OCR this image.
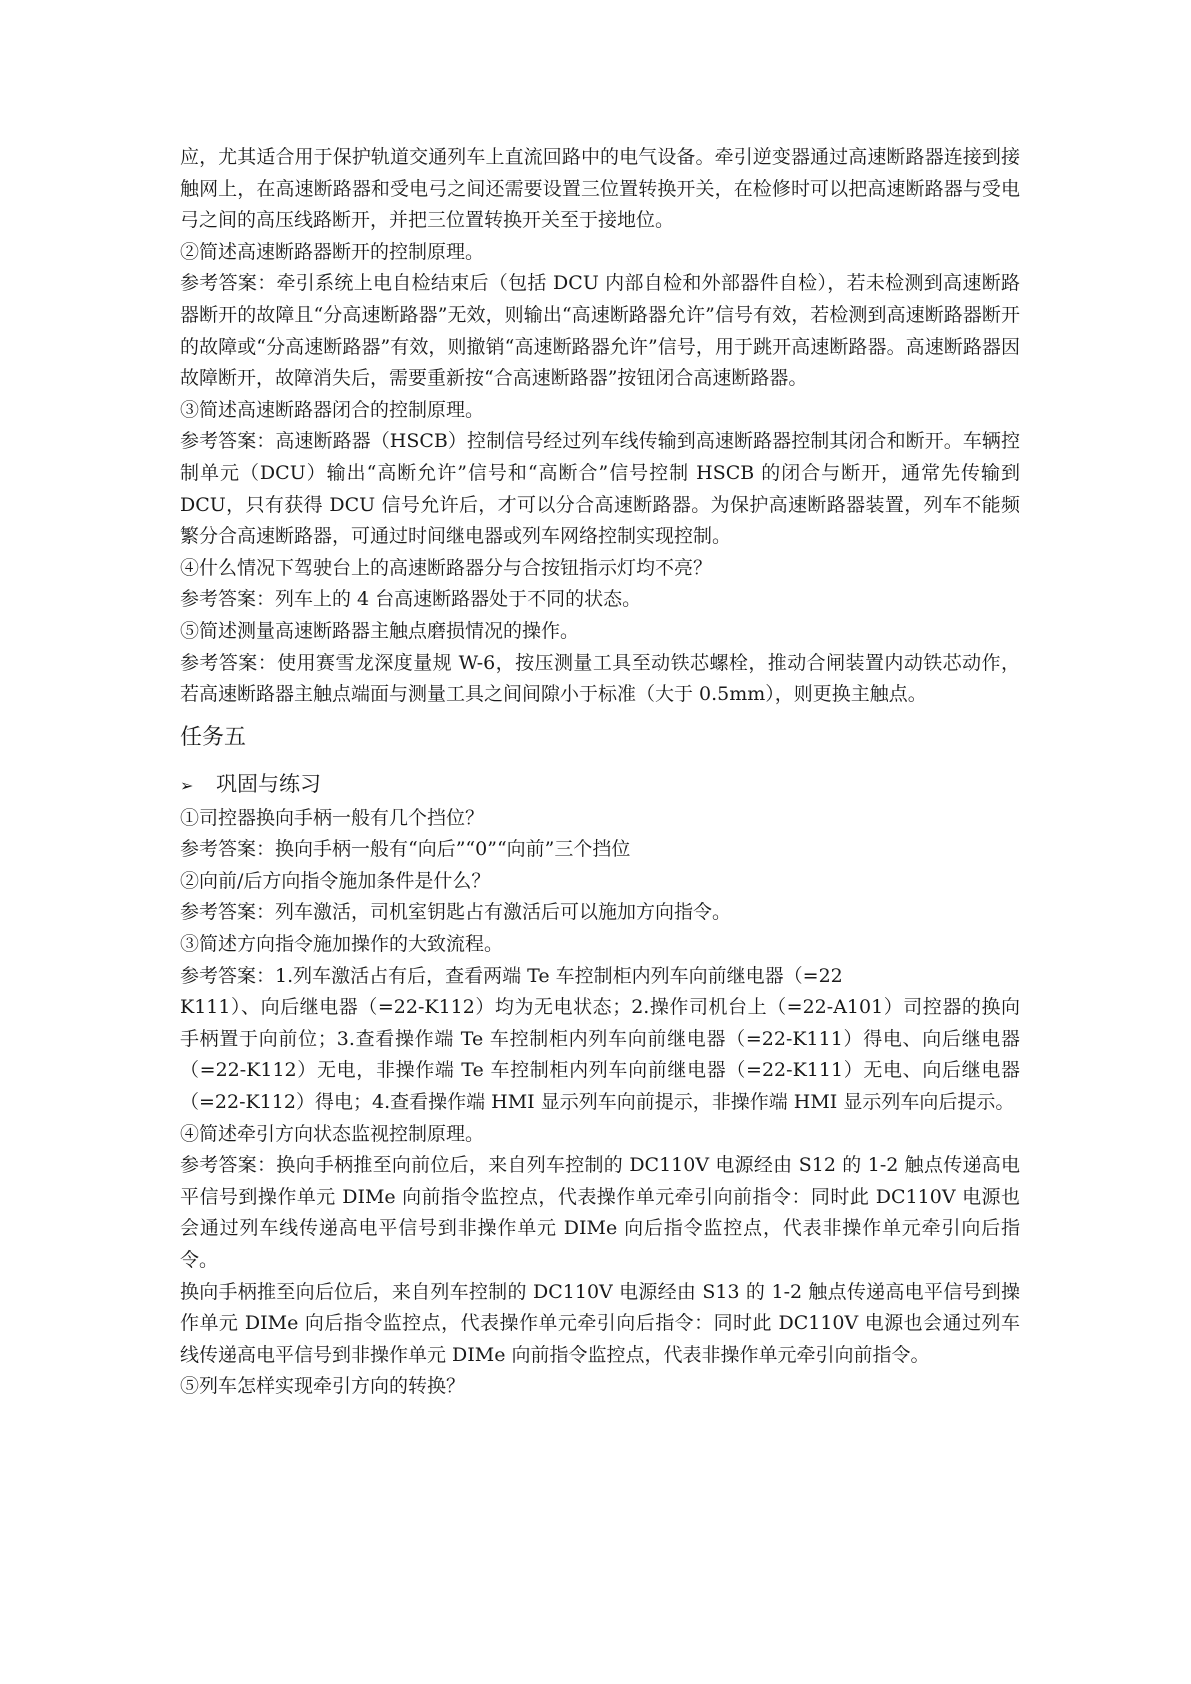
应，尤其适合用于保护轨道交通列车上直流回路中的电气设备。牵引逆变器通过高速断路器连接到接触网上，在高速断路器和受电弓之间还需要设置三位置转换开关，在检修时可以把高速断路器与受电弓之间的高压线路断开，并把三位置转换开关至于接地位。

②简述高速断路器断开的控制原理。

参考答案：牵引系统上电自检结束后（包括 DCU 内部自检和外部器件自检），若未检测到高速断路器断开的故障且“分高速断路器”无效，则输出“高速断路器允许”信号有效，若检测到高速断路器断开的故障或“分高速断路器”有效，则撤销“高速断路器允许”信号，用于跳开高速断路器。高速断路器因故障断开，故障消失后，需要重新按“合高速断路器”按钮闭合高速断路器。

③简述高速断路器闭合的控制原理。

参考答案：高速断路器（HSCB）控制信号经过列车线传输到高速断路器控制其闭合和断开。车辆控制单元（DCU）输出“高断允许”信号和“高断合”信号控制 HSCB 的闭合与断开，通常先传输到 DCU，只有获得 DCU 信号允许后，才可以分合高速断路器。为保护高速断路器装置，列车不能频繁分合高速断路器，可通过时间继电器或列车网络控制实现控制。

④什么情况下驾驶台上的高速断路器分与合按钮指示灯均不亮？

参考答案：列车上的 4 台高速断路器处于不同的状态。

⑤简述测量高速断路器主触点磨损情况的操作。

参考答案：使用赛雪龙深度量规 W-6，按压测量工具至动铁芯螺栓，推动合闸装置内动铁芯动作，若高速断路器主触点端面与测量工具之间间隙小于标准（大于 0.5mm），则更换主触点。

任务五
➢ 巩固与练习

①司控器换向手柄一般有几个挡位？

参考答案：换向手柄一般有“向后”“0”“向前”三个挡位

②向前/后方向指令施加条件是什么？

参考答案：列车激活，司机室钥匙占有激活后可以施加方向指令。

③简述方向指令施加操作的大致流程。

参考答案：1.列车激活占有后，查看两端 Te 车控制柜内列车向前继电器（=22

K111）、向后继电器（=22-K112）均为无电状态；2.操作司机台上（=22-A101）司控器的换向手柄置于向前位；3.查看操作端 Te 车控制柜内列车向前继电器（=22-K111）得电、向后继电器（=22-K112）无电，非操作端 Te 车控制柜内列车向前继电器（=22-K111）无电、向后继电器（=22-K112）得电；4.查看操作端 HMI 显示列车向前提示，非操作端 HMI 显示列车向后提示。

④简述牵引方向状态监视控制原理。

参考答案：换向手柄推至向前位后，来自列车控制的 DC110V 电源经由 S12 的 1-2 触点传递高电平信号到操作单元 DIMe 向前指令监控点，代表操作单元牵引向前指令：同时此 DC110V 电源也会通过列车线传递高电平信号到非操作单元 DIMe 向后指令监控点，代表非操作单元牵引向后指令。

换向手柄推至向后位后，来自列车控制的 DC110V 电源经由 S13 的 1-2 触点传递高电平信号到操作单元 DIMe 向后指令监控点，代表操作单元牵引向后指令：同时此 DC110V 电源也会通过列车线传递高电平信号到非操作单元 DIMe 向前指令监控点，代表非操作单元牵引向前指令。

⑤列车怎样实现牵引方向的转换？
